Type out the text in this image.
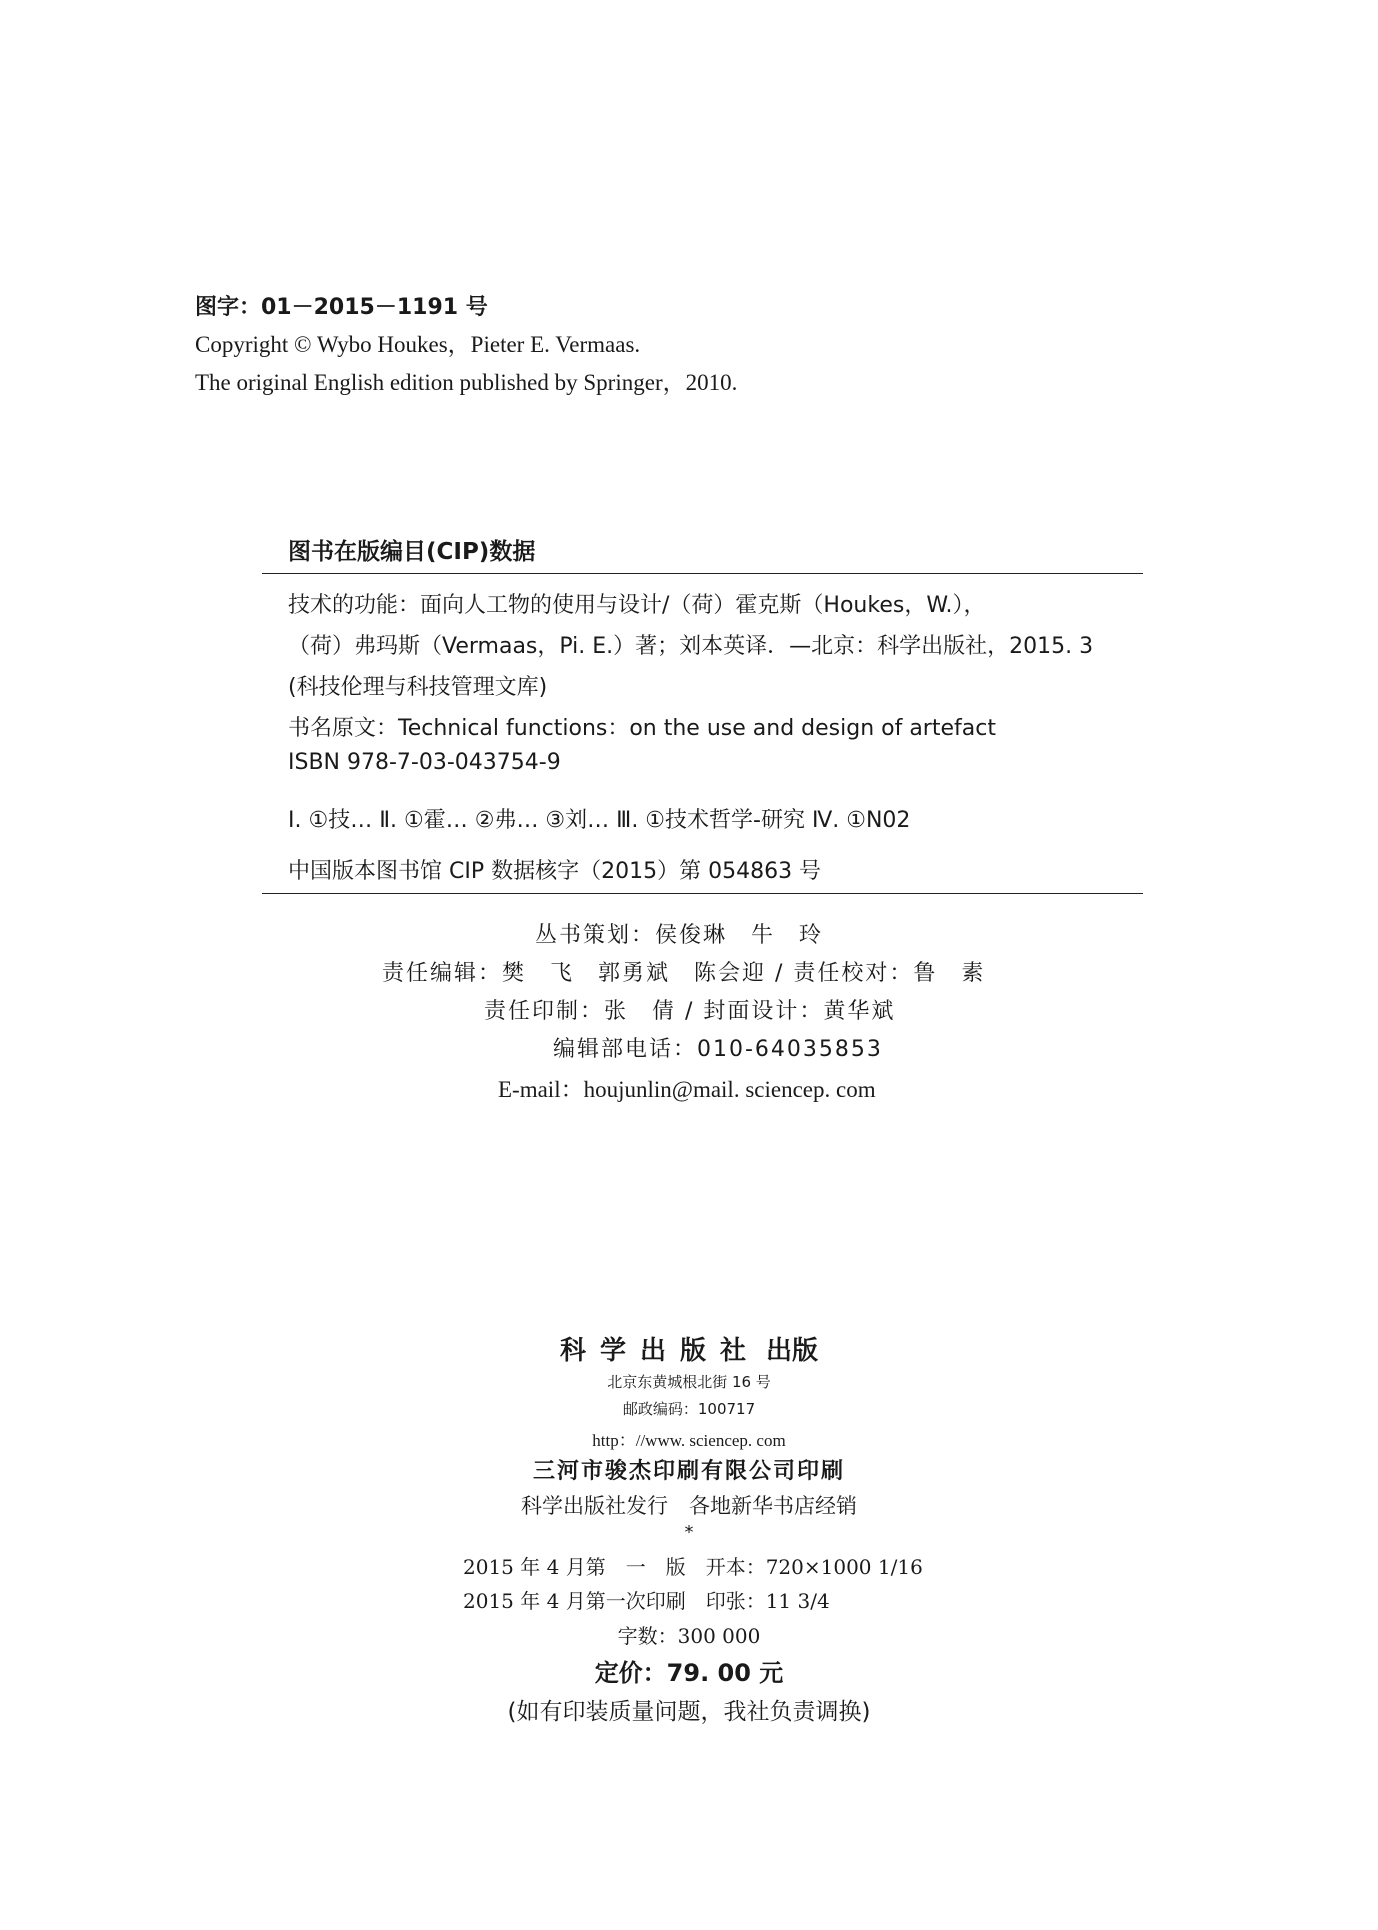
图字：01－2015－1191 号
Copyright © Wybo Houkes，Pieter E. Vermaas.
The original English edition published by Springer，2010.
图书在版编目(CIP)数据
技术的功能：面向人工物的使用与设计/（荷）霍克斯（Houkes，W.），
（荷）弗玛斯（Vermaas，Pi. E.）著；刘本英译．—北京：科学出版社，2015. 3
(科技伦理与科技管理文库)
书名原文：Technical functions：on the use and design of artefact
ISBN 978-7-03-043754-9
Ⅰ. ①技… Ⅱ. ①霍… ②弗… ③刘… Ⅲ. ①技术哲学-研究 Ⅳ. ①N02
中国版本图书馆 CIP 数据核字（2015）第 054863 号
丛书策划：侯俊琳　牛　玲
责任编辑：樊　飞　郭勇斌　陈会迎 / 责任校对：鲁　素
责任印制：张　倩 / 封面设计：黄华斌
编辑部电话：010-64035853
E-mail：houjunlin@mail. sciencep. com
科学出版社 出版
北京东黄城根北街 16 号
邮政编码：100717
http：//www. sciencep. com
三河市骏杰印刷有限公司印刷
科学出版社发行　各地新华书店经销
*
2015 年 4 月第　一　版　开本：720×1000 1/16
2015 年 4 月第一次印刷　印张：11 3/4
字数：300 000
定价：79. 00 元
(如有印装质量问题，我社负责调换)
